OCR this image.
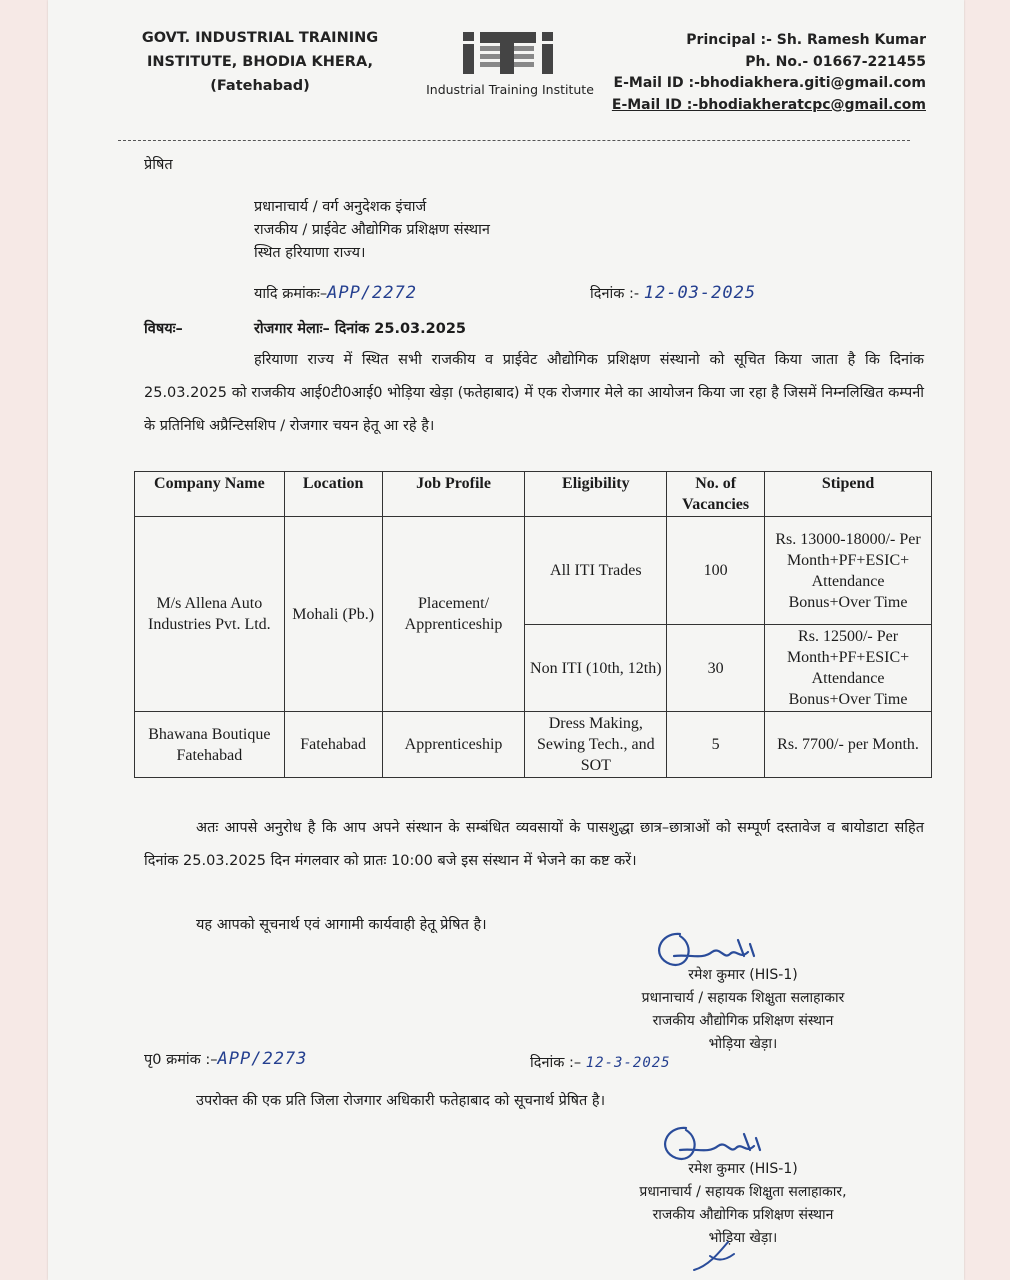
GOVT. INDUSTRIAL TRAINING
INSTITUTE, BHODIA KHERA,
(Fatehabad)	Industrial Training Institute
Principal :- Sh. Ramesh Kumar
Ph. No.- 01667-221455
E-Mail ID :-bhodiakhera.giti@gmail.com
E-Mail ID :-bhodiakheratcpc@gmail.com
प्रेषित
प्रधानाचार्य / वर्ग अनुदेशक इंचार्ज
राजकीय / प्राईवेट औद्योगिक प्रशिक्षण संस्थान
स्थित हरियाणा राज्य।
यादि क्रमांकः–APP/2272	दिनांक :- 12-03-2025
विषयः–	रोजगार मेलाः– दिनांक 25.03.2025
हरियाणा राज्य में स्थित सभी राजकीय व प्राईवेट औद्योगिक प्रशिक्षण संस्थानो को सूचित किया जाता है कि दिनांक 25.03.2025 को राजकीय आई0टी0आई0 भोड़िया खेड़ा (फतेहाबाद) में एक रोजगार मेले का आयोजन किया जा रहा है जिसमें निम्नलिखित कम्पनी के प्रतिनिधि अप्रैन्टिसशिप / रोजगार चयन हेतू आ रहे है।
Company Name	Location	Job Profile	Eligibility	No. of Vacancies	Stipend
M/s Allena Auto Industries Pvt. Ltd.	Mohali (Pb.)	Placement/ Apprenticeship	All ITI Trades	100	Rs. 13000-18000/- Per Month+PF+ESIC+ Attendance Bonus+Over Time
			Non ITI (10th, 12th)	30	Rs. 12500/- Per Month+PF+ESIC+ Attendance Bonus+Over Time
Bhawana Boutique Fatehabad	Fatehabad	Apprenticeship	Dress Making, Sewing Tech., and SOT	5	Rs. 7700/- per Month.
अतः आपसे अनुरोध है कि आप अपने संस्थान के सम्बंधित व्यवसायों के पासशुद्धा छात्र–छात्राओं को सम्पूर्ण दस्तावेज व बायोडाटा सहित दिनांक 25.03.2025 दिन मंगलवार को प्रातः 10:00 बजे इस संस्थान में भेजने का कष्ट करें।
यह आपको सूचनार्थ एवं आगामी कार्यवाही हेतू प्रेषित है।
रमेश कुमार (HIS-1)
प्रधानाचार्य / सहायक शिक्षुता सलाहाकार
राजकीय औद्योगिक प्रशिक्षण संस्थान
भोड़िया खेड़ा।
पृ0 क्रमांक :–APP/2273	दिनांक :– 12-3-2025
उपरोक्त की एक प्रति जिला रोजगार अधिकारी फतेहाबाद को सूचनार्थ प्रेषित है।
रमेश कुमार (HIS-1)
प्रधानाचार्य / सहायक शिक्षुता सलाहाकार,
राजकीय औद्योगिक प्रशिक्षण संस्थान
भोड़िया खेड़ा।
